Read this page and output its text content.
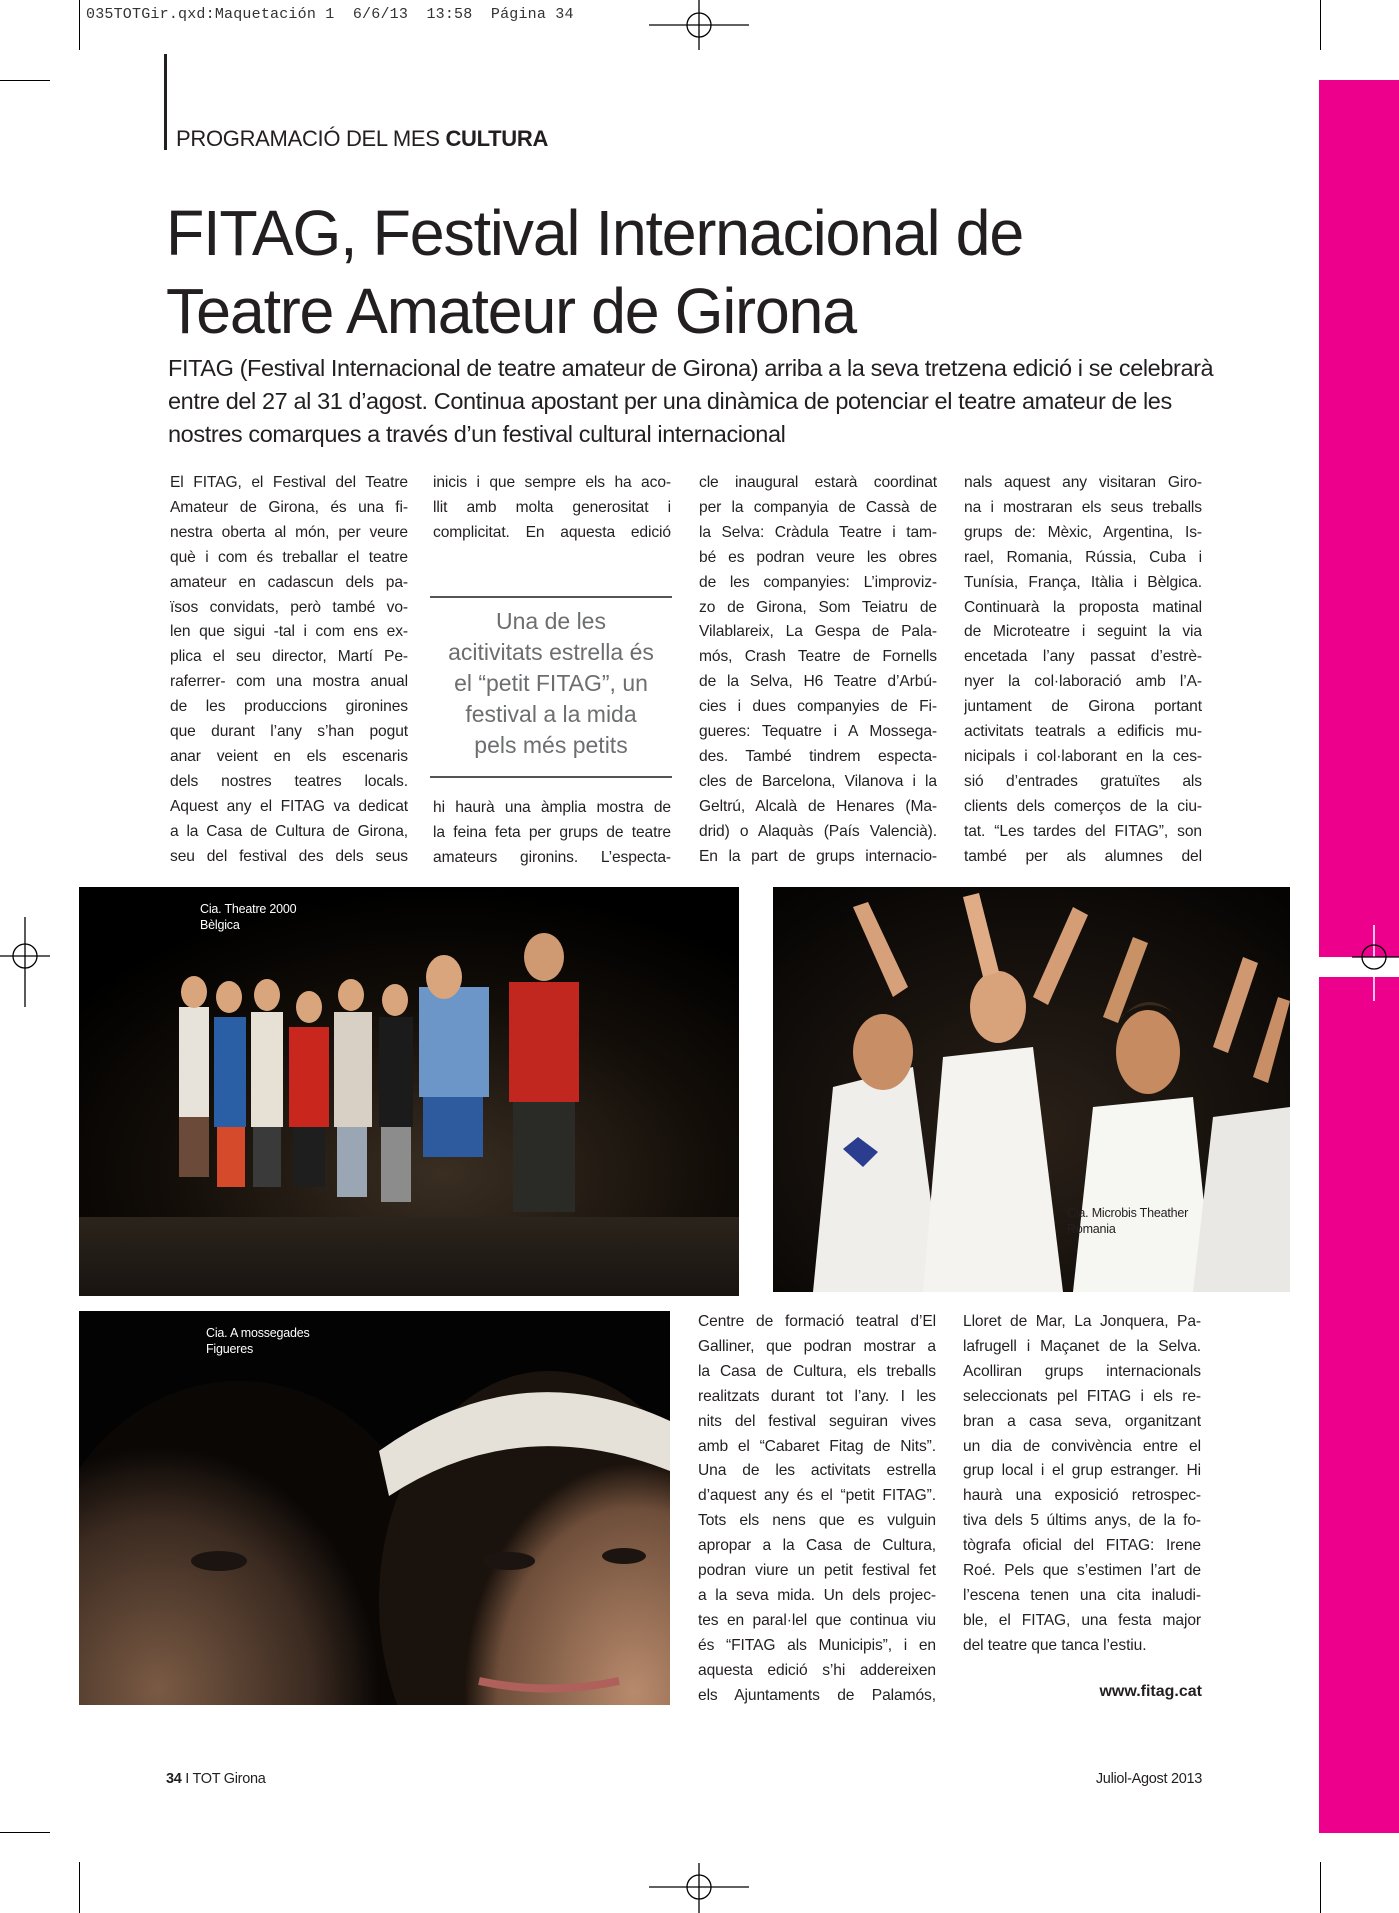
035TOTGir.qxd:Maquetación 1  6/6/13  13:58  Página 34
PROGRAMACIÓ DEL MES CULTURA
FITAG, Festival Internacional de
Teatre Amateur de Girona

FITAG (Festival Internacional de teatre amateur de Girona) arriba a la seva tretzena edició i se celebrarà entre del 27 al 31 d’agost. Continua apostant per una dinàmica de potenciar el teatre amateur de les nostres comarques a través d’un festival cultural internacional

El FITAG, el Festival del Teatre

Amateur de Girona, és una fi-

nestra oberta al món, per veure

què i com és treballar el teatre

amateur en cadascun dels pa-

ïsos convidats, però també vo-

len que sigui -tal i com ens ex-

plica el seu director, Martí Pe-

raferrer- com una mostra anual

de les produccions gironines

que durant l’any s’han pogut

anar veient en els escenaris

dels nostres teatres locals.

Aquest any el FITAG va dedicat

a la Casa de Cultura de Girona,

seu del festival des dels seus

inicis i que sempre els ha aco-

llit amb molta generositat i

complicitat. En aquesta edició

Una de les
acitivitats estrella és
el “petit FITAG”, un
festival a la mida
pels més petits

hi haurà una àmplia mostra de

la feina feta per grups de teatre

amateurs gironins. L’especta-

cle inaugural estarà coordinat

per la companyia de Cassà de

la Selva: Cràdula Teatre i tam-

bé es podran veure les obres

de les companyies: L’improviz-

zo de Girona, Som Teiatru de

Vilablareix, La Gespa de Pala-

mós, Crash Teatre de Fornells

de la Selva, H6 Teatre d’Arbú-

cies i dues companyies de Fi-

gueres: Tequatre i A Mossega-

des. També tindrem especta-

cles de Barcelona, Vilanova i la

Geltrú, Alcalà de Henares (Ma-

drid) o Alaquàs (País Valencià).

En la part de grups internacio-

nals aquest any visitaran Giro-

na i mostraran els seus treballs

grups de: Mèxic, Argentina, Is-

rael, Romania, Rússia, Cuba i

Tunísia, França, Itàlia i Bèlgica.

Continuarà la proposta matinal

de Microteatre i seguint la via

encetada l’any passat d’estrè-

nyer la col·laboració amb l’A-

juntament de Girona portant

activitats teatrals a edificis mu-

nicipals i col·laborant en la ces-

sió d’entrades gratuïtes als

clients dels comerços de la ciu-

tat. “Les tardes del FITAG”, son

també per als alumnes del

Cia. Theatre 2000
Bèlgica
Cia. Microbis Theather
Romania
Cia. A mossegades
Figueres

Centre de formació teatral d’El

Galliner, que podran mostrar a

la Casa de Cultura, els treballs

realitzats durant tot l’any. I les

nits del festival seguiran vives

amb el “Cabaret Fitag de Nits”.

Una de les activitats estrella

d’aquest any és el “petit FITAG”.

Tots els nens que es vulguin

apropar a la Casa de Cultura,

podran viure un petit festival fet

a la seva mida. Un dels projec-

tes en paral·lel que continua viu

és “FITAG als Municipis”, i en

aquesta edició s’hi addereixen

els Ajuntaments de Palamós,

Lloret de Mar, La Jonquera, Pa-

lafrugell i Maçanet de la Selva.

Acolliran grups internacionals

seleccionats pel FITAG i els re-

bran a casa seva, organitzant

un dia de convivència entre el

grup local i el grup estranger. Hi

haurà una exposició retrospec-

tiva dels 5 últims anys, de la fo-

tògrafa oficial del FITAG: Irene

Roé. Pels que s’estimen l’art de

l’escena tenen una cita inaludi-

ble, el FITAG, una festa major

del teatre que tanca l’estiu.

www.fitag.cat
34 I TOT Girona	Juliol-Agost 2013
